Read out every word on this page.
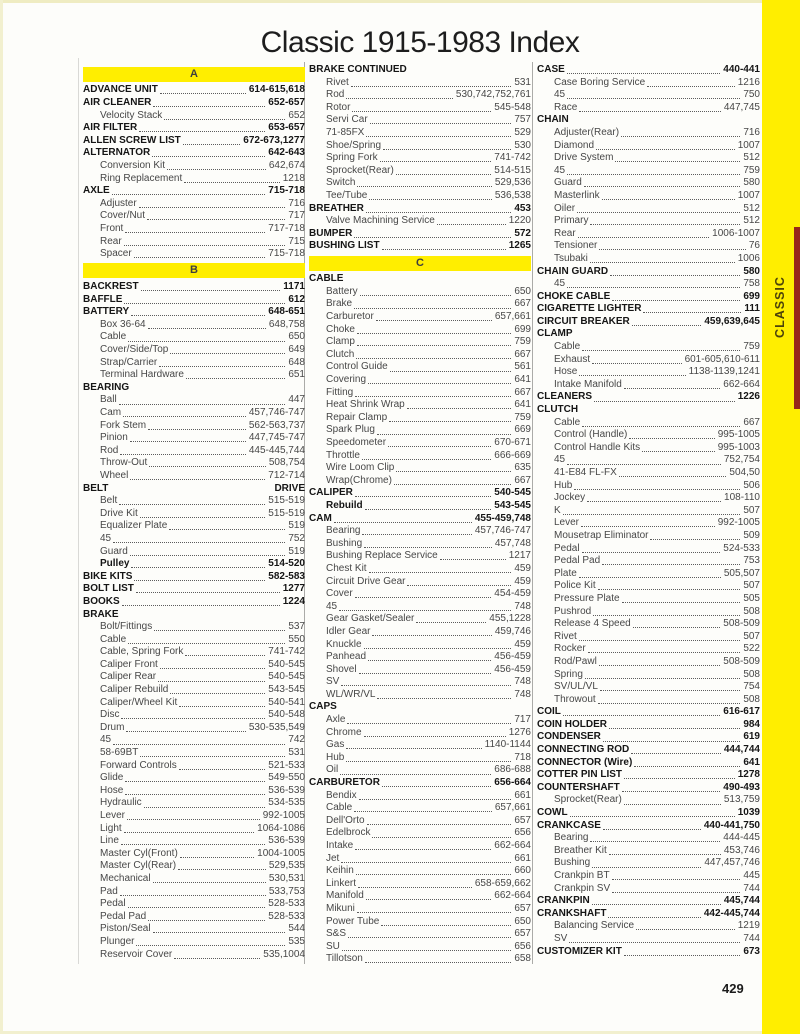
CLASSIC
Classic 1915-1983 Index
A
ADVANCE UNIT	614-615,618
AIR CLEANER	652-657
Velocity Stack	652
AIR FILTER	653-657
ALLEN SCREW LIST	672-673,1277
ALTERNATOR	642-643
Conversion Kit	642,674
Ring Replacement	1218
AXLE	715-718
Adjuster	716
Cover/Nut	717
Front	717-718
Rear	715
Spacer	715-718
B
BACKREST	1171
BAFFLE	612
BATTERY	648-651
Box 36-64	648,758
Cable	650
Cover/Side/Top	649
Strap/Carrier	648
Terminal Hardware	651
BEARING
Ball	447
Cam	457,746-747
Fork Stem	562-563,737
Pinion	447,745-747
Rod	445-445,744
Throw-Out	508,754
Wheel	712-714
BELT	DRIVE
Belt	515-519
Drive Kit	515-519
Equalizer Plate	519
45	752
Guard	519
Pulley	514-520
BIKE KITS	582-583
BOLT LIST	1277
BOOKS	1224
BRAKE
Bolt/Fittings	537
Cable	550
Cable, Spring Fork	741-742
Caliper Front	540-545
Caliper Rear	540-545
Caliper Rebuild	543-545
Caliper/Wheel Kit	540-541
Disc	540-548
Drum	530-535,549
45	742
58-69BT	531
Forward Controls	521-533
Glide	549-550
Hose	536-539
Hydraulic	534-535
Lever	992-1005
Light	1064-1086
Line	536-539
Master Cyl(Front)	1004-1005
Master Cyl(Rear)	529,535
Mechanical	530,531
Pad	533,753
Pedal	528-533
Pedal Pad	528-533
Piston/Seal	544
Plunger	535
Reservoir Cover	535,1004
BRAKE CONTINUED
Rivet	531
Rod	530,742,752,761
Rotor	545-548
Servi Car	757
71-85FX	529
Shoe/Spring	530
Spring Fork	741-742
Sprocket(Rear)	514-515
Switch	529,536
Tee/Tube	536,538
BREATHER	453
Valve Machining Service	1220
BUMPER	572
BUSHING LIST	1265
C
CABLE
Battery	650
Brake	667
Carburetor	657,661
Choke	699
Clamp	759
Clutch	667
Control Guide	561
Covering	641
Fitting	667
Heat Shrink Wrap	641
Repair Clamp	759
Spark Plug	669
Speedometer	670-671
Throttle	666-669
Wire Loom Clip	635
Wrap(Chrome)	667
CALIPER	540-545
Rebuild	543-545
CAM	455-459,748
Bearing	457,746-747
Bushing	457,748
Bushing Replace Service	1217
Chest Kit	459
Circuit Drive Gear	459
Cover	454-459
45	748
Gear Gasket/Sealer	455,1228
Idler Gear	459,746
Knuckle	459
Panhead	456-459
Shovel	456-459
SV	748
WL/WR/VL	748
CAPS
Axle	717
Chrome	1276
Gas	1140-1144
Hub	718
Oil	686-688
CARBURETOR	656-664
Bendix	661
Cable	657,661
Dell'Orto	657
Edelbrock	656
Intake	662-664
Jet	661
Keihin	660
Linkert	658-659,662
Manifold	662-664
Mikuni	657
Power Tube	650
S&S	657
SU	656
Tillotson	658
CASE	440-441
Case Boring Service	1216
45	750
Race	447,745
CHAIN
Adjuster(Rear)	716
Diamond	1007
Drive System	512
45	759
Guard	580
Masterlink	1007
Oiler	512
Primary	512
Rear	1006-1007
Tensioner	76
Tsubaki	1006
CHAIN GUARD	580
45	758
CHOKE CABLE	699
CIGARETTE LIGHTER	111
CIRCUIT BREAKER	459,639,645
CLAMP
Cable	759
Exhaust	601-605,610-611
Hose	1138-1139,1241
Intake Manifold	662-664
CLEANERS	1226
CLUTCH
Cable	667
Control (Handle)	995-1005
Control Handle Kits	995-1003
45	752,754
41-E84 FL-FX	504,50
Hub	506
Jockey	108-110
K	507
Lever	992-1005
Mousetrap Eliminator	509
Pedal	524-533
Pedal Pad	753
Plate	505,507
Police Kit	507
Pressure Plate	505
Pushrod	508
Release 4 Speed	508-509
Rivet	507
Rocker	522
Rod/Pawl	508-509
Spring	508
SV/UL/VL	754
Throwout	508
COIL	616-617
COIN HOLDER	984
CONDENSER	619
CONNECTING ROD	444,744
CONNECTOR (Wire)	641
COTTER PIN LIST	1278
COUNTERSHAFT	490-493
Sprocket(Rear)	513,759
COWL	1039
CRANKCASE	440-441,750
Bearing	444-445
Breather Kit	453,746
Bushing	447,457,746
Crankpin BT	445
Crankpin SV	744
CRANKPIN	445,744
CRANKSHAFT	442-445,744
Balancing Service	1219
SV	744
CUSTOMIZER KIT	673
429
